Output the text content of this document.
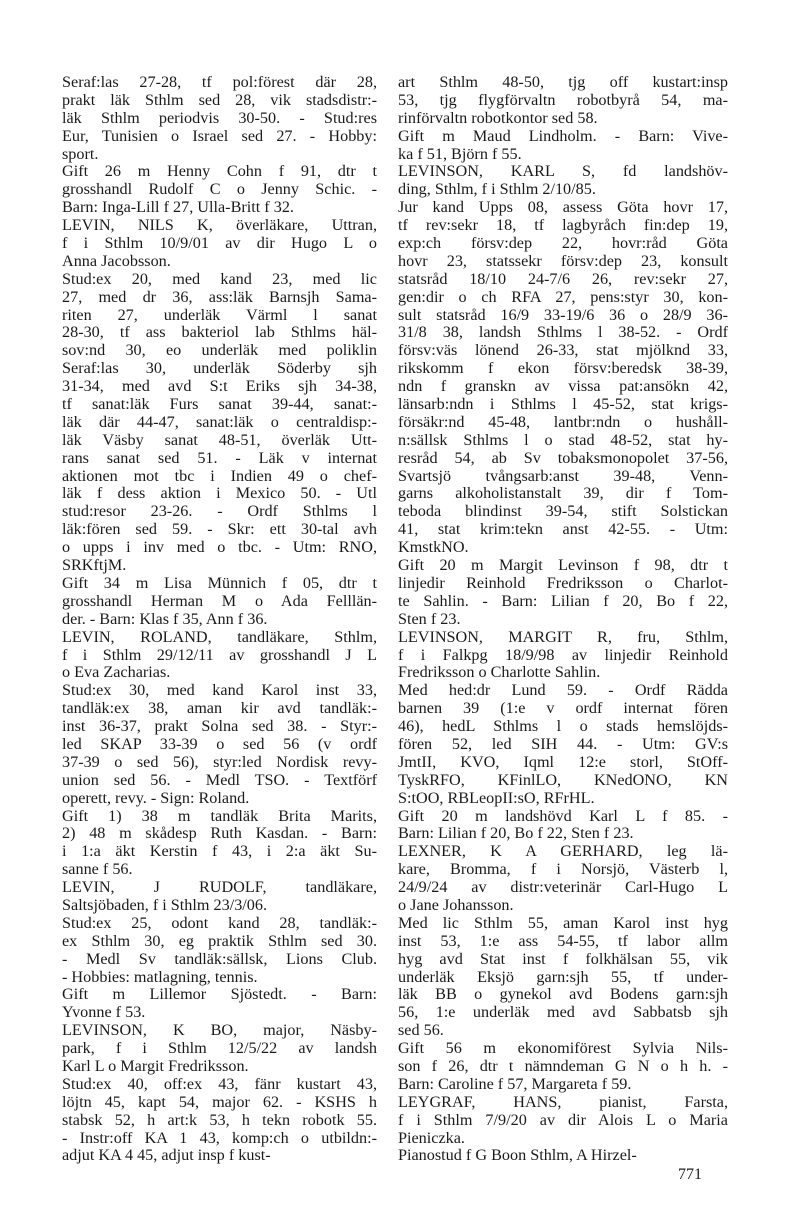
Seraf:las 27-28, tf pol:förest där 28,
prakt läk Sthlm sed 28, vik stadsdistr:-
läk Sthlm periodvis 30-50. - Stud:res
Eur, Tunisien o Israel sed 27. - Hobby:
sport.
Gift 26 m Henny Cohn f 91, dtr t
grosshandl Rudolf C o Jenny Schic. -
Barn: Inga-Lill f 27, Ulla-Britt f 32.
LEVIN, NILS K, överläkare, Uttran,
f i Sthlm 10/9/01 av dir Hugo L o
Anna Jacobsson.
Stud:ex 20, med kand 23, med lic
27, med dr 36, ass:läk Barnsjh Sama-
riten 27, underläk Värml l sanat
28-30, tf ass bakteriol lab Sthlms häl-
sov:nd 30, eo underläk med poliklin
Seraf:las 30, underläk Söderby sjh
31-34, med avd S:t Eriks sjh 34-38,
tf sanat:läk Furs sanat 39-44, sanat:-
läk där 44-47, sanat:läk o centraldisp:-
läk Väsby sanat 48-51, överläk Utt-
rans sanat sed 51. - Läk v internat
aktionen mot tbc i Indien 49 o chef-
läk f dess aktion i Mexico 50. - Utl
stud:resor 23-26. - Ordf Sthlms l
läk:fören sed 59. - Skr: ett 30-tal avh
o upps i inv med o tbc. - Utm: RNO,
SRKftjM.
Gift 34 m Lisa Münnich f 05, dtr t
grosshandl Herman M o Ada Felllän-
der. - Barn: Klas f 35, Ann f 36.
LEVIN, ROLAND, tandläkare, Sthlm,
f i Sthlm 29/12/11 av grosshandl J L
o Eva Zacharias.
Stud:ex 30, med kand Karol inst 33,
tandläk:ex 38, aman kir avd tandläk:-
inst 36-37, prakt Solna sed 38. - Styr:-
led SKAP 33-39 o sed 56 (v ordf
37-39 o sed 56), styr:led Nordisk revy-
union sed 56. - Medl TSO. - Textförf
operett, revy. - Sign: Roland.
Gift 1) 38 m tandläk Brita Marits,
2) 48 m skådesp Ruth Kasdan. - Barn:
i 1:a äkt Kerstin f 43, i 2:a äkt Su-
sanne f 56.
LEVIN, J RUDOLF, tandläkare,
Saltsjöbaden, f i Sthlm 23/3/06.
Stud:ex 25, odont kand 28, tandläk:-
ex Sthlm 30, eg praktik Sthlm sed 30.
- Medl Sv tandläk:sällsk, Lions Club.
- Hobbies: matlagning, tennis.
Gift m Lillemor Sjöstedt. - Barn:
Yvonne f 53.
LEVINSON, K BO, major, Näsby-
park, f i Sthlm 12/5/22 av landsh
Karl L o Margit Fredriksson.
Stud:ex 40, off:ex 43, fänr kustart 43,
löjtn 45, kapt 54, major 62. - KSHS h
stabsk 52, h art:k 53, h tekn robotk 55.
- Instr:off KA 1 43, komp:ch o utbildn:-
adjut KA 4 45, adjut insp f kust-
art Sthlm 48-50, tjg off kustart:insp
53, tjg flygförvaltn robotbyrå 54, ma-
rinförvaltn robotkontor sed 58.
Gift m Maud Lindholm. - Barn: Vive-
ka f 51, Björn f 55.
LEVINSON, KARL S, fd landshöv-
ding, Sthlm, f i Sthlm 2/10/85.
Jur kand Upps 08, assess Göta hovr 17,
tf rev:sekr 18, tf lagbyråch fin:dep 19,
exp:ch försv:dep 22, hovr:råd Göta
hovr 23, statssekr försv:dep 23, konsult
statsråd 18/10 24-7/6 26, rev:sekr 27,
gen:dir o ch RFA 27, pens:styr 30, kon-
sult statsråd 16/9 33-19/6 36 o 28/9 36-
31/8 38, landsh Sthlms l 38-52. - Ordf
försv:väs lönend 26-33, stat mjölknd 33,
rikskomm f ekon försv:beredsk 38-39,
ndn f granskn av vissa pat:ansökn 42,
länsarb:ndn i Sthlms l 45-52, stat krigs-
försäkr:nd 45-48, lantbr:ndn o hushåll-
n:sällsk Sthlms l o stad 48-52, stat hy-
resråd 54, ab Sv tobaksmonopolet 37-56,
Svartsjö tvångsarb:anst 39-48, Venn-
garns alkoholistanstalt 39, dir f Tom-
teboda blindinst 39-54, stift Solstickan
41, stat krim:tekn anst 42-55. - Utm:
KmstkNO.
Gift 20 m Margit Levinson f 98, dtr t
linjedir Reinhold Fredriksson o Charlot-
te Sahlin. - Barn: Lilian f 20, Bo f 22,
Sten f 23.
LEVINSON, MARGIT R, fru, Sthlm,
f i Falkpg 18/9/98 av linjedir Reinhold
Fredriksson o Charlotte Sahlin.
Med hed:dr Lund 59. - Ordf Rädda
barnen 39 (1:e v ordf internat fören
46), hedL Sthlms l o stads hemslöjds-
fören 52, led SIH 44. - Utm: GV:s
JmtII, KVO, Iqml 12:e storl, StOff-
TyskRFO, KFinlLO, KNedONO, KN
S:tOO, RBLeopII:sO, RFrHL.
Gift 20 m landshövd Karl L f 85. -
Barn: Lilian f 20, Bo f 22, Sten f 23.
LEXNER, K A GERHARD, leg lä-
kare, Bromma, f i Norsjö, Västerb l,
24/9/24 av distr:veterinär Carl-Hugo L
o Jane Johansson.
Med lic Sthlm 55, aman Karol inst hyg
inst 53, 1:e ass 54-55, tf labor allm
hyg avd Stat inst f folkhälsan 55, vik
underläk Eksjö garn:sjh 55, tf under-
läk BB o gynekol avd Bodens garn:sjh
56, 1:e underläk med avd Sabbatsb sjh
sed 56.
Gift 56 m ekonomiförest Sylvia Nils-
son f 26, dtr t nämndeman G N o h h. -
Barn: Caroline f 57, Margareta f 59.
LEYGRAF, HANS, pianist, Farsta,
f i Sthlm 7/9/20 av dir Alois L o Maria
Pieniczka.
Pianostud f G Boon Sthlm, A Hirzel-
771
